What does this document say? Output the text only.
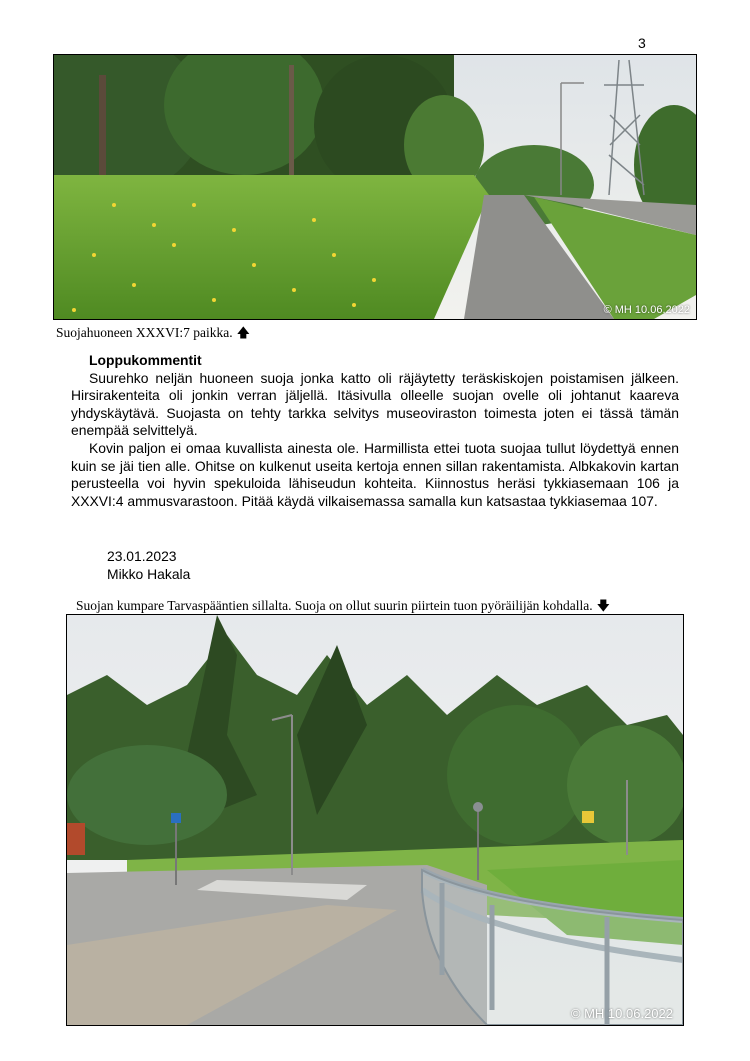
3
© MH 10.06.2022
Suojahuoneen XXXVI:7 paikka. 🡅
Loppukommentit

Suurehko neljän huoneen suoja jonka katto oli räjäytetty teräskiskojen poistamisen jälkeen. Hirsirakenteita oli jonkin verran jäljellä. Itäsivulla olleelle suojan ovelle oli johtanut kaareva yhdyskäytävä. Suojasta on tehty tarkka selvitys museoviraston toimesta joten ei tässä tämän enempää selvittelyä.

Kovin paljon ei omaa kuvallista ainesta ole. Harmillista ettei tuota suojaa tullut löydettyä ennen kuin se jäi tien alle. Ohitse on kulkenut useita kertoja ennen sillan rakentamista. Albkakovin kartan perusteella voi hyvin spekuloida lähiseudun kohteita. Kiinnostus heräsi tykkiasemaan 106 ja XXXVI:4 ammusvarastoon. Pitää käydä vilkaisemassa samalla kun katsastaa tykkiasemaa 107.

23.01.2023
Mikko Hakala
Suojan kumpare Tarvaspääntien sillalta. Suoja on ollut suurin piirtein tuon pyöräilijän kohdalla. 🡇
© MH 10.06.2022
